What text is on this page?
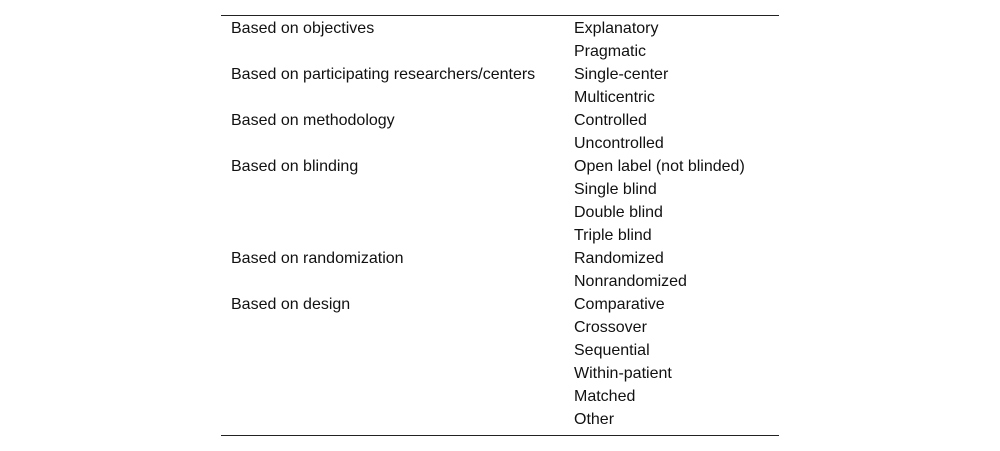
Based on objectives	Explanatory
	Pragmatic
Based on participating researchers/centers	Single-center
	Multicentric
Based on methodology	Controlled
	Uncontrolled
Based on blinding	Open label (not blinded)
	Single blind
	Double blind
	Triple blind
Based on randomization	Randomized
	Nonrandomized
Based on design	Comparative
	Crossover
	Sequential
	Within-patient
	Matched
	Other
